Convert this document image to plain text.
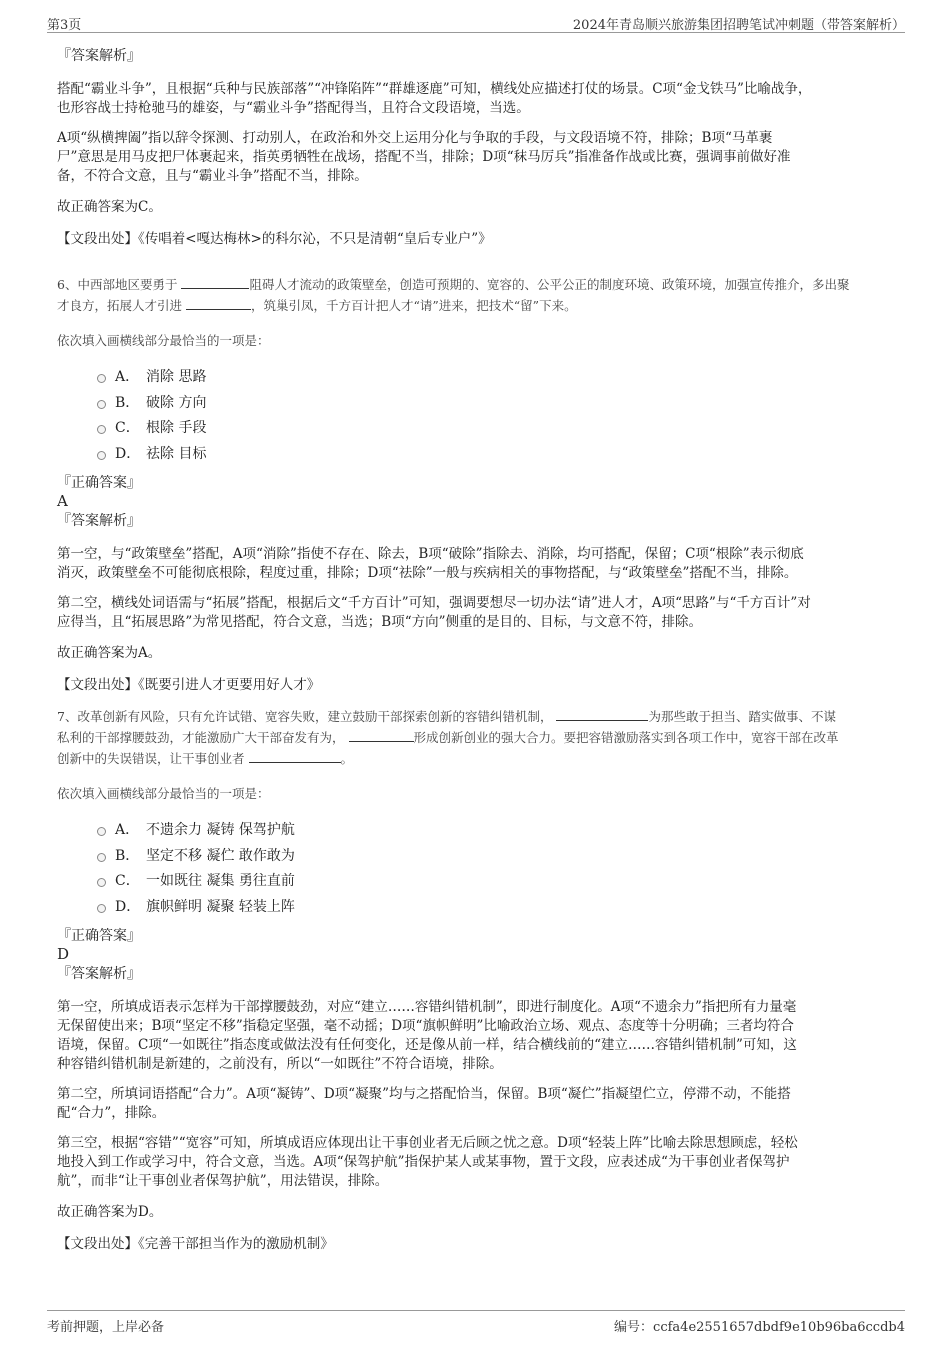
第3页	2024年青岛顺兴旅游集团招聘笔试冲刺题（带答案解析）
『答案解析』

搭配“霸业斗争”，且根据“兵种与民族部落”“冲锋陷阵”“群雄逐鹿”可知，横线处应描述打仗的场景。C项“金戈铁马”比喻战争，

也形容战士持枪驰马的雄姿，与“霸业斗争”搭配得当，且符合文段语境，当选。

A项“纵横捭阖”指以辞令探测、打动别人，在政治和外交上运用分化与争取的手段，与文段语境不符，排除；B项“马革裹

尸”意思是用马皮把尸体裹起来，指英勇牺牲在战场，搭配不当，排除；D项“秣马厉兵”指准备作战或比赛，强调事前做好准

备，不符合文意，且与“霸业斗争”搭配不当，排除。

故正确答案为C。

【文段出处】《传唱着<嘎达梅林>的科尔沁，不只是清朝“皇后专业户”》

6、中西部地区要勇于	阻碍人才流动的政策壁垒，创造可预期的、宽容的、公平公正的制度环境、政策环境，加强宣传推介，多出聚
才良方，拓展人才引进	，筑巢引凤，千方百计把人才“请”进来，把技术“留”下来。
依次填入画横线部分最恰当的一项是：
A． 消除 思路
B． 破除 方向
C． 根除 手段
D． 祛除 目标
『正确答案』
A
『答案解析』

第一空，与“政策壁垒”搭配，A项“消除”指使不存在、除去，B项“破除”指除去、消除，均可搭配，保留；C项“根除”表示彻底

消灭，政策壁垒不可能彻底根除，程度过重，排除；D项“祛除”一般与疾病相关的事物搭配，与“政策壁垒”搭配不当，排除。

第二空，横线处词语需与“拓展”搭配，根据后文“千方百计”可知，强调要想尽一切办法“请”进人才，A项“思路”与“千方百计”对

应得当，且“拓展思路”为常见搭配，符合文意，当选；B项“方向”侧重的是目的、目标，与文意不符，排除。

故正确答案为A。

【文段出处】《既要引进人才更要用好人才》

7、改革创新有风险，只有允许试错、宽容失败，建立鼓励干部探索创新的容错纠错机制，	为那些敢于担当、踏实做事、不谋
私利的干部撑腰鼓劲，才能激励广大干部奋发有为，	形成创新创业的强大合力。要把容错激励落实到各项工作中，宽容干部在改革
创新中的失误错误，让干事创业者	。
依次填入画横线部分最恰当的一项是：
A． 不遗余力 凝铸 保驾护航
B． 坚定不移 凝伫 敢作敢为
C． 一如既往 凝集 勇往直前
D． 旗帜鲜明 凝聚 轻装上阵
『正确答案』
D
『答案解析』

第一空，所填成语表示怎样为干部撑腰鼓劲，对应“建立……容错纠错机制”，即进行制度化。A项“不遗余力”指把所有力量毫

无保留使出来；B项“坚定不移”指稳定坚强，毫不动摇；D项“旗帜鲜明”比喻政治立场、观点、态度等十分明确；三者均符合

语境，保留。C项“一如既往”指态度或做法没有任何变化，还是像从前一样，结合横线前的“建立……容错纠错机制”可知，这

种容错纠错机制是新建的，之前没有，所以“一如既往”不符合语境，排除。

第二空，所填词语搭配“合力”。A项“凝铸”、D项“凝聚”均与之搭配恰当，保留。B项“凝伫”指凝望伫立，停滞不动，不能搭

配“合力”，排除。

第三空，根据“容错”“宽容”可知，所填成语应体现出让干事创业者无后顾之忧之意。D项“轻装上阵”比喻去除思想顾虑，轻松

地投入到工作或学习中，符合文意，当选。A项“保驾护航”指保护某人或某事物，置于文段，应表述成“为干事创业者保驾护

航”，而非“让干事创业者保驾护航”，用法错误，排除。

故正确答案为D。

【文段出处】《完善干部担当作为的激励机制》

考前押题，上岸必备	编号：ccfa4e2551657dbdf9e10b96ba6ccdb4
